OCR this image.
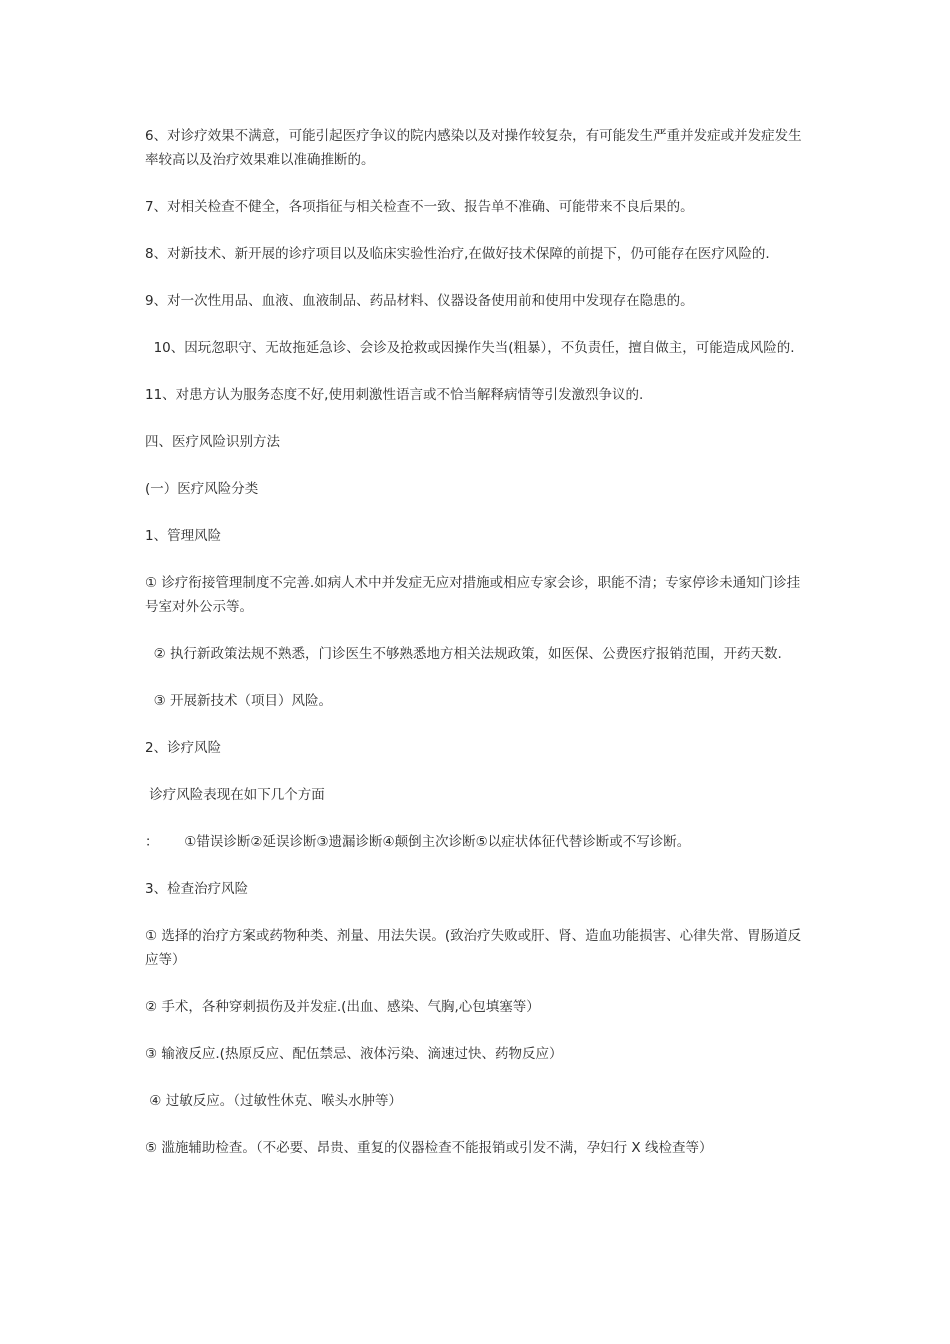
6、对诊疗效果不满意，可能引起医疗争议的院内感染以及对操作较复杂，有可能发生严重并发症或并发症发生率较高以及治疗效果难以准确推断的。

7、对相关检查不健全，各项指征与相关检查不一致、报告单不准确、可能带来不良后果的。

8、对新技术、新开展的诊疗项目以及临床实验性治疗,在做好技术保障的前提下，仍可能存在医疗风险的.

9、对一次性用品、血液、血液制品、药品材料、仪器设备使用前和使用中发现存在隐患的。

10、因玩忽职守、无故拖延急诊、会诊及抢救或因操作失当(粗暴），不负责任，擅自做主，可能造成风险的.

11、对患方认为服务态度不好,使用刺激性语言或不恰当解释病情等引发激烈争议的.

四、医疗风险识别方法

(一）医疗风险分类

1、管理风险

① 诊疗衔接管理制度不完善.如病人术中并发症无应对措施或相应专家会诊，职能不清；专家停诊未通知门诊挂号室对外公示等。

② 执行新政策法规不熟悉，门诊医生不够熟悉地方相关法规政策，如医保、公费医疗报销范围，开药天数.

③ 开展新技术（项目）风险。

2、诊疗风险

诊疗风险表现在如下几个方面

：      ①错误诊断②延误诊断③遗漏诊断④颠倒主次诊断⑤以症状体征代替诊断或不写诊断。

3、检查治疗风险

① 选择的治疗方案或药物种类、剂量、用法失误。(致治疗失败或肝、肾、造血功能损害、心律失常、胃肠道反应等）

② 手术，各种穿刺损伤及并发症.(出血、感染、气胸,心包填塞等）

③ 输液反应.(热原反应、配伍禁忌、液体污染、滴速过快、药物反应）

④ 过敏反应。（过敏性休克、喉头水肿等）

⑤ 滥施辅助检查。（不必要、昂贵、重复的仪器检查不能报销或引发不满，孕妇行 X 线检查等）
